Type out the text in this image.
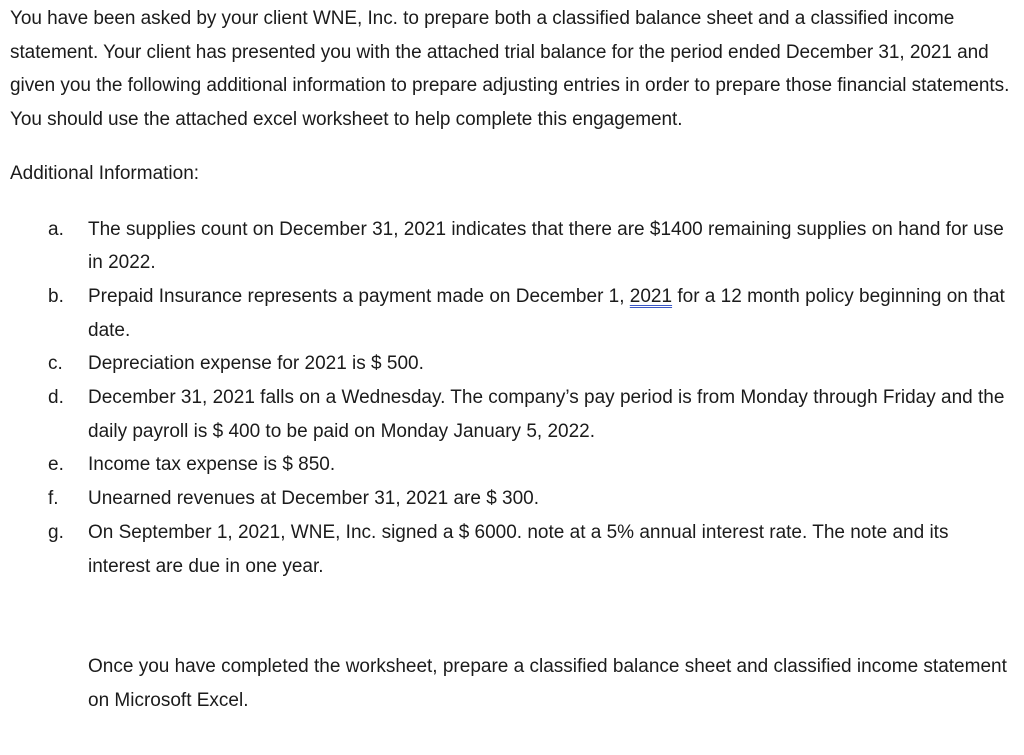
You have been asked by your client WNE, Inc. to prepare both a classified balance sheet and a classified income statement. Your client has presented you with the attached trial balance for the period ended December 31, 2021 and given you the following additional information to prepare adjusting entries in order to prepare those financial statements. You should use the attached excel worksheet to help complete this engagement.

Additional Information:

a.	The supplies count on December 31, 2021 indicates that there are $1400 remaining supplies on hand for use in 2022.
b.	Prepaid Insurance represents a payment made on December 1, 2021 for a 12 month policy beginning on that date.
c.	Depreciation expense for 2021 is $ 500.
d.	December 31, 2021 falls on a Wednesday. The company’s pay period is from Monday through Friday and the daily payroll is $ 400 to be paid on Monday January 5, 2022.
e.	Income tax expense is $ 850.
f.	Unearned revenues at December 31, 2021 are $ 300.
g.	On September 1, 2021, WNE, Inc. signed a $ 6000. note at a 5% annual interest rate. The note and its interest are due in one year.

Once you have completed the worksheet, prepare a classified balance sheet and classified income statement on Microsoft Excel.
